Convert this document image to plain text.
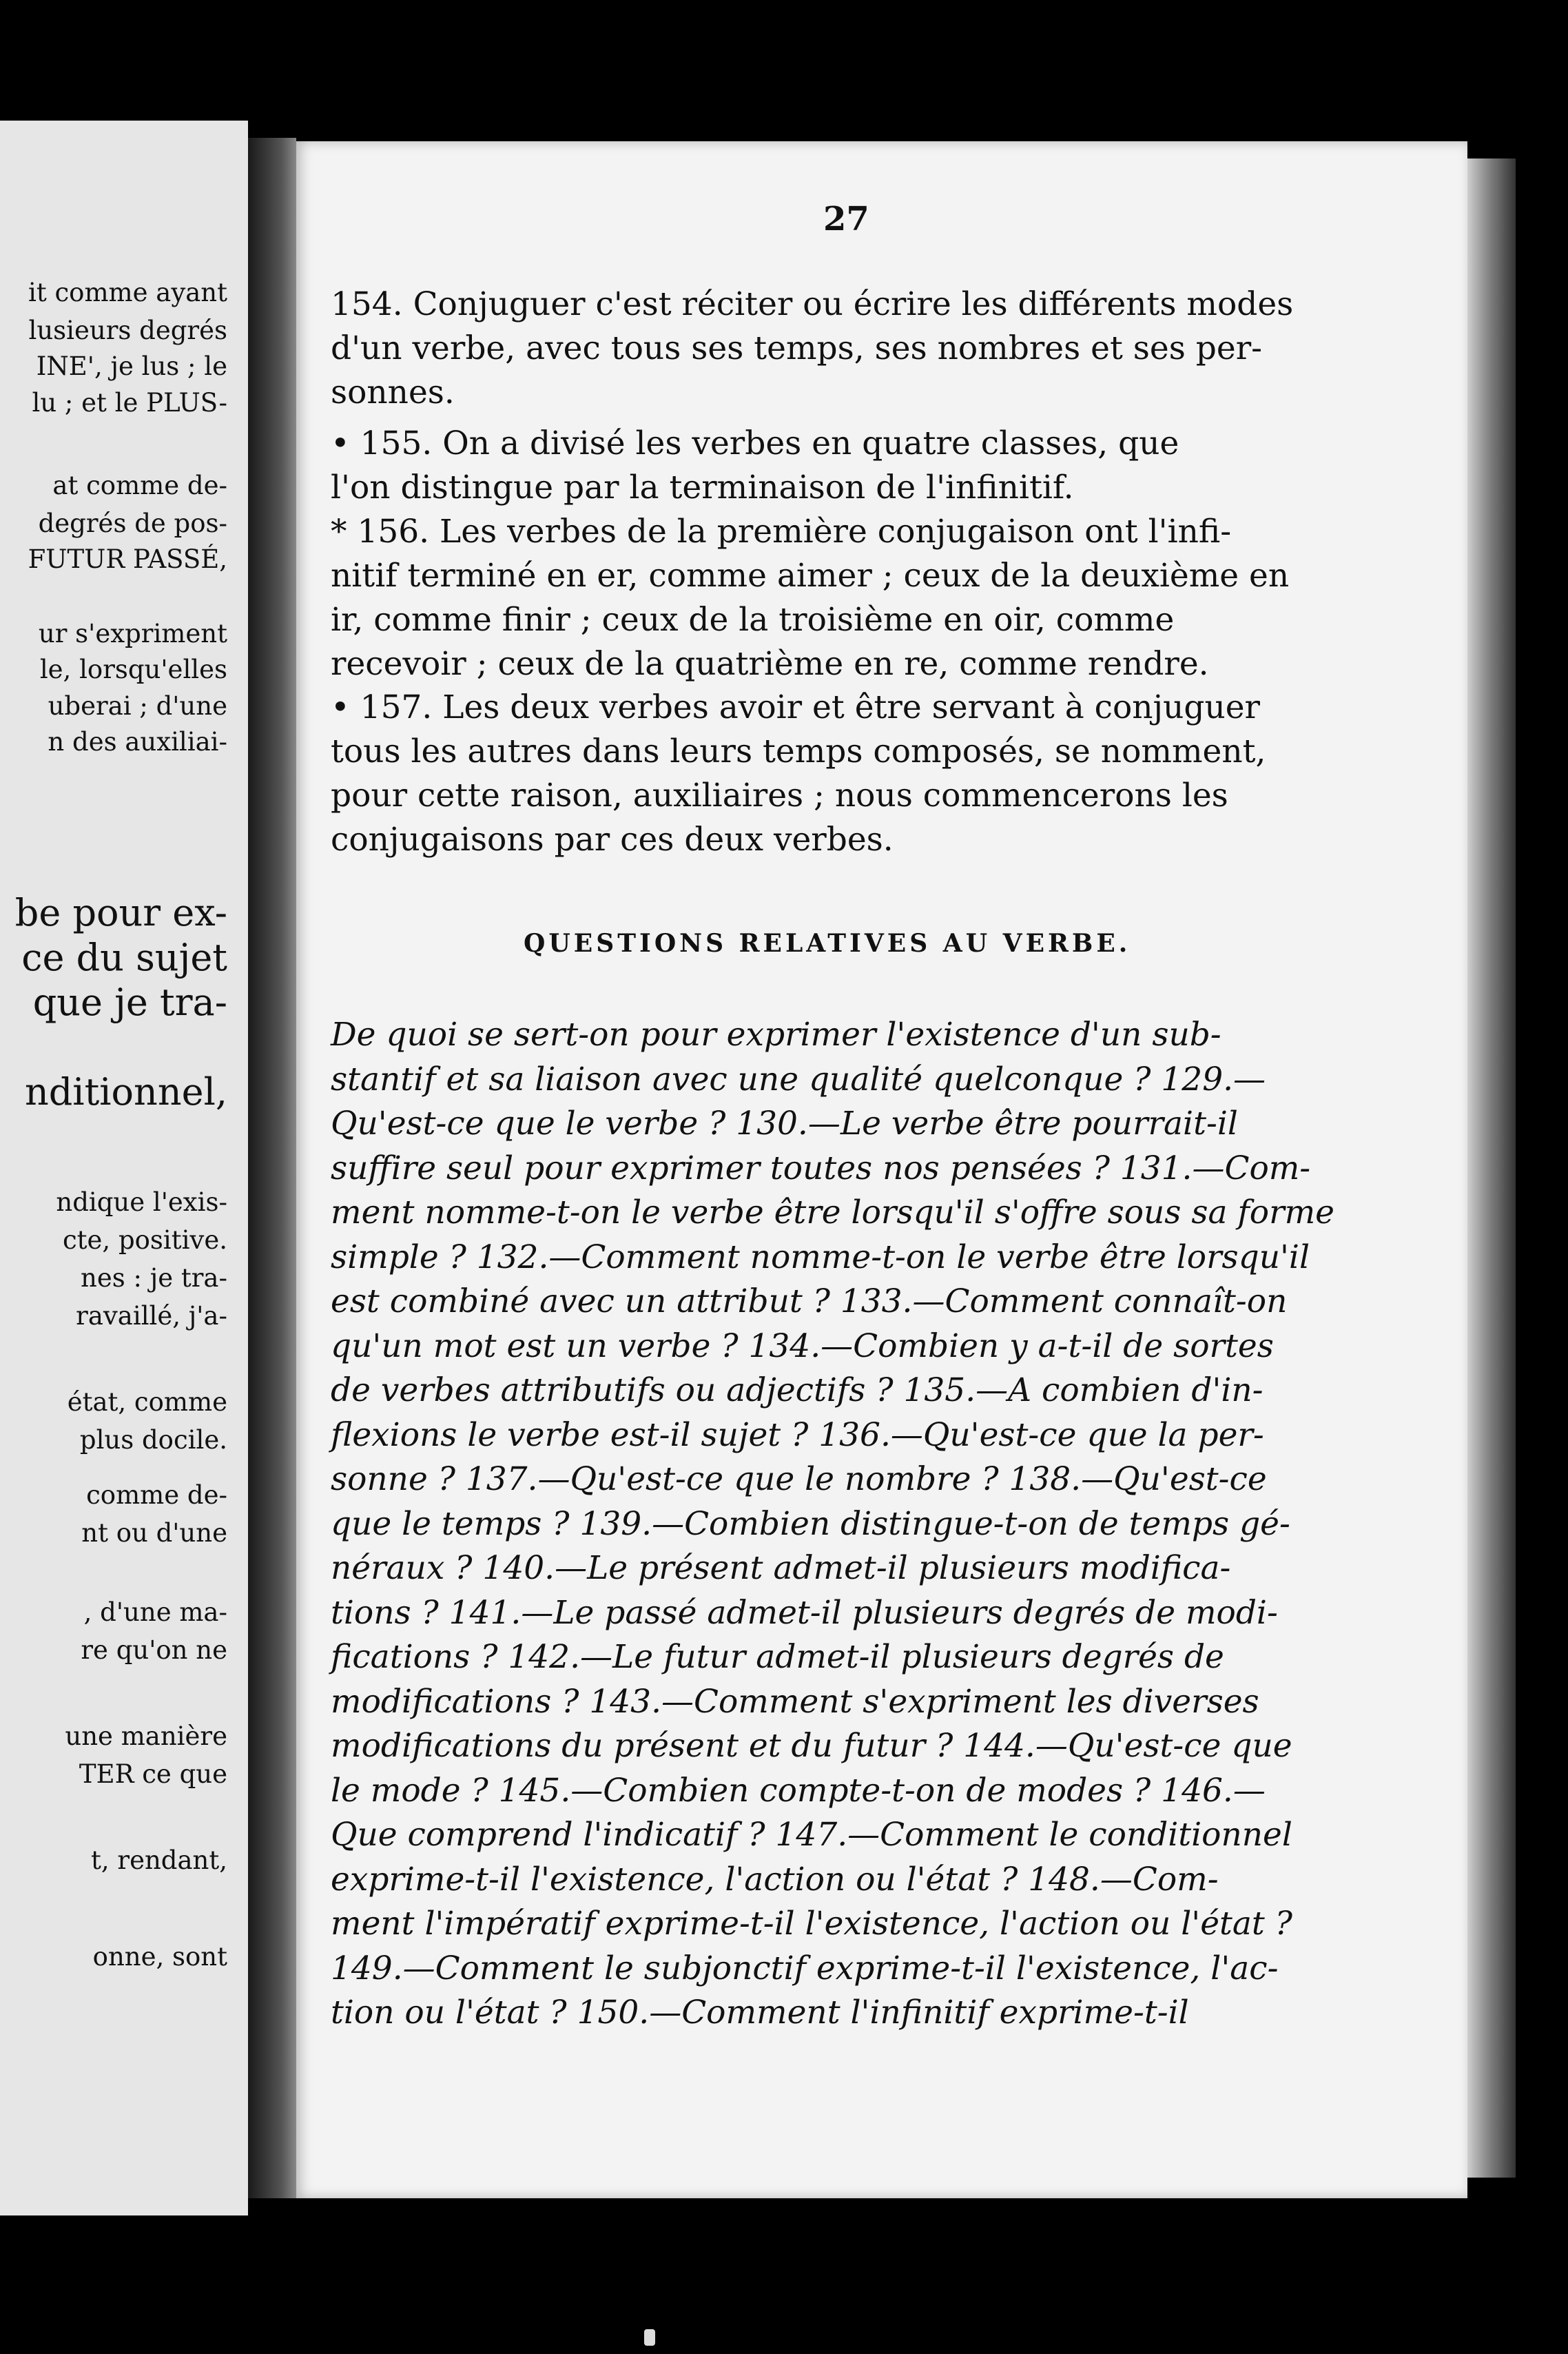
it comme ayant
lusieurs degrés
INE', je lus ; le
lu ; et le PLUS-
at comme de-
degrés de pos-
FUTUR PASSÉ,
ur s'expriment
le, lorsqu'elles
uberai ; d'une
n des auxiliai-
be pour ex-
ce du sujet
que je tra-
nditionnel,
ndique l'exis-
cte, positive.
nes : je tra-
ravaillé, j'a-
état, comme
plus docile.
comme de-
nt ou d'une
, d'une ma-
re qu'on ne
une manière
TER ce que
t, rendant,
onne, sont
27
154. Conjuguer c'est réciter ou écrire les différents modes
d'un verbe, avec tous ses temps, ses nombres et ses per-
sonnes.
• 155. On a divisé les verbes en quatre classes, que
l'on distingue par la terminaison de l'infinitif.
* 156. Les verbes de la première conjugaison ont l'infi-
nitif terminé en er, comme aimer ; ceux de la deuxième en
ir, comme finir ; ceux de la troisième en oir, comme
recevoir ; ceux de la quatrième en re, comme rendre.
• 157. Les deux verbes avoir et être servant à conjuguer
tous les autres dans leurs temps composés, se nomment,
pour cette raison, auxiliaires ; nous commencerons les
conjugaisons par ces deux verbes.
QUESTIONS RELATIVES AU VERBE.
De quoi se sert-on pour exprimer l'existence d'un sub-
stantif et sa liaison avec une qualité quelconque ? 129.—
Qu'est-ce que le verbe ? 130.—Le verbe être pourrait-il
suffire seul pour exprimer toutes nos pensées ? 131.—Com-
ment nomme-t-on le verbe être lorsqu'il s'offre sous sa forme
simple ? 132.—Comment nomme-t-on le verbe être lorsqu'il
est combiné avec un attribut ? 133.—Comment connaît-on
qu'un mot est un verbe ? 134.—Combien y a-t-il de sortes
de verbes attributifs ou adjectifs ? 135.—A combien d'in-
flexions le verbe est-il sujet ? 136.—Qu'est-ce que la per-
sonne ? 137.—Qu'est-ce que le nombre ? 138.—Qu'est-ce
que le temps ? 139.—Combien distingue-t-on de temps gé-
néraux ? 140.—Le présent admet-il plusieurs modifica-
tions ? 141.—Le passé admet-il plusieurs degrés de modi-
fications ? 142.—Le futur admet-il plusieurs degrés de
modifications ? 143.—Comment s'expriment les diverses
modifications du présent et du futur ? 144.—Qu'est-ce que
le mode ? 145.—Combien compte-t-on de modes ? 146.—
Que comprend l'indicatif ? 147.—Comment le conditionnel
exprime-t-il l'existence, l'action ou l'état ? 148.—Com-
ment l'impératif exprime-t-il l'existence, l'action ou l'état ?
149.—Comment le subjonctif exprime-t-il l'existence, l'ac-
tion ou l'état ? 150.—Comment l'infinitif exprime-t-il
